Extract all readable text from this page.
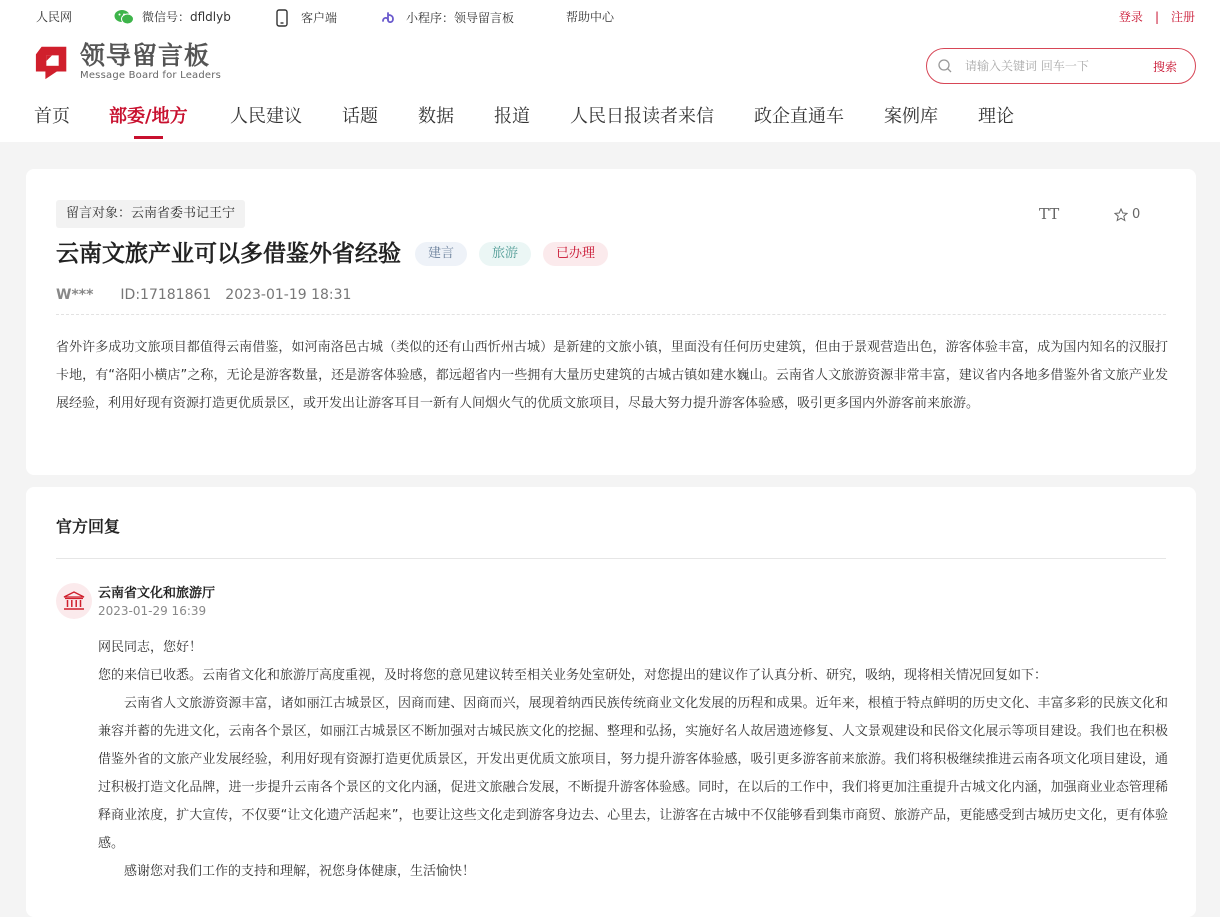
人民网	微信号：dfldlyb	客户端	小程序：领导留言板	帮助中心	登录 | 注册
领导留言板
Message Board for Leaders
请输入关键词 回车一下
搜索
首页 部委/地方 人民建议 话题 数据 报道 人民日报读者来信 政企直通车 案例库 理论
留言对象：云南省委书记王宁	TT	0
云南文旅产业可以多借鉴外省经验	建言	旅游	已办理
W*** ID:17181861 2023-01-19 18:31
省外许多成功文旅项目都值得云南借鉴，如河南洛邑古城（类似的还有山西忻州古城）是新建的文旅小镇，里面没有任何历史建筑，但由于景观营造出色，游客体验丰富，成为国内知名的汉服打卡地，有“洛阳小横店”之称，无论是游客数量，还是游客体验感，都远超省内一些拥有大量历史建筑的古城古镇如建水巍山。云南省人文旅游资源非常丰富，建议省内各地多借鉴外省文旅产业发展经验，利用好现有资源打造更优质景区，或开发出让游客耳目一新有人间烟火气的优质文旅项目，尽最大努力提升游客体验感，吸引更多国内外游客前来旅游。
官方回复
云南省文化和旅游厅
2023-01-29 16:39

网民同志，您好！

您的来信已收悉。云南省文化和旅游厅高度重视，及时将您的意见建议转至相关业务处室研处，对您提出的建议作了认真分析、研究，吸纳，现将相关情况回复如下：

云南省人文旅游资源丰富，诸如丽江古城景区，因商而建、因商而兴，展现着纳西民族传统商业文化发展的历程和成果。近年来，根植于特点鲜明的历史文化、丰富多彩的民族文化和兼容并蓄的先进文化，云南各个景区，如丽江古城景区不断加强对古城民族文化的挖掘、整理和弘扬，实施好名人故居遗迹修复、人文景观建设和民俗文化展示等项目建设。我们也在积极借鉴外省的文旅产业发展经验，利用好现有资源打造更优质景区，开发出更优质文旅项目，努力提升游客体验感，吸引更多游客前来旅游。我们将积极继续推进云南各项文化项目建设，通过积极打造文化品牌，进一步提升云南各个景区的文化内涵，促进文旅融合发展，不断提升游客体验感。同时，在以后的工作中，我们将更加注重提升古城文化内涵，加强商业业态管理稀释商业浓度，扩大宣传，不仅要“让文化遗产活起来”，也要让这些文化走到游客身边去、心里去，让游客在古城中不仅能够看到集市商贸、旅游产品，更能感受到古城历史文化，更有体验感。

感谢您对我们工作的支持和理解，祝您身体健康，生活愉快！
